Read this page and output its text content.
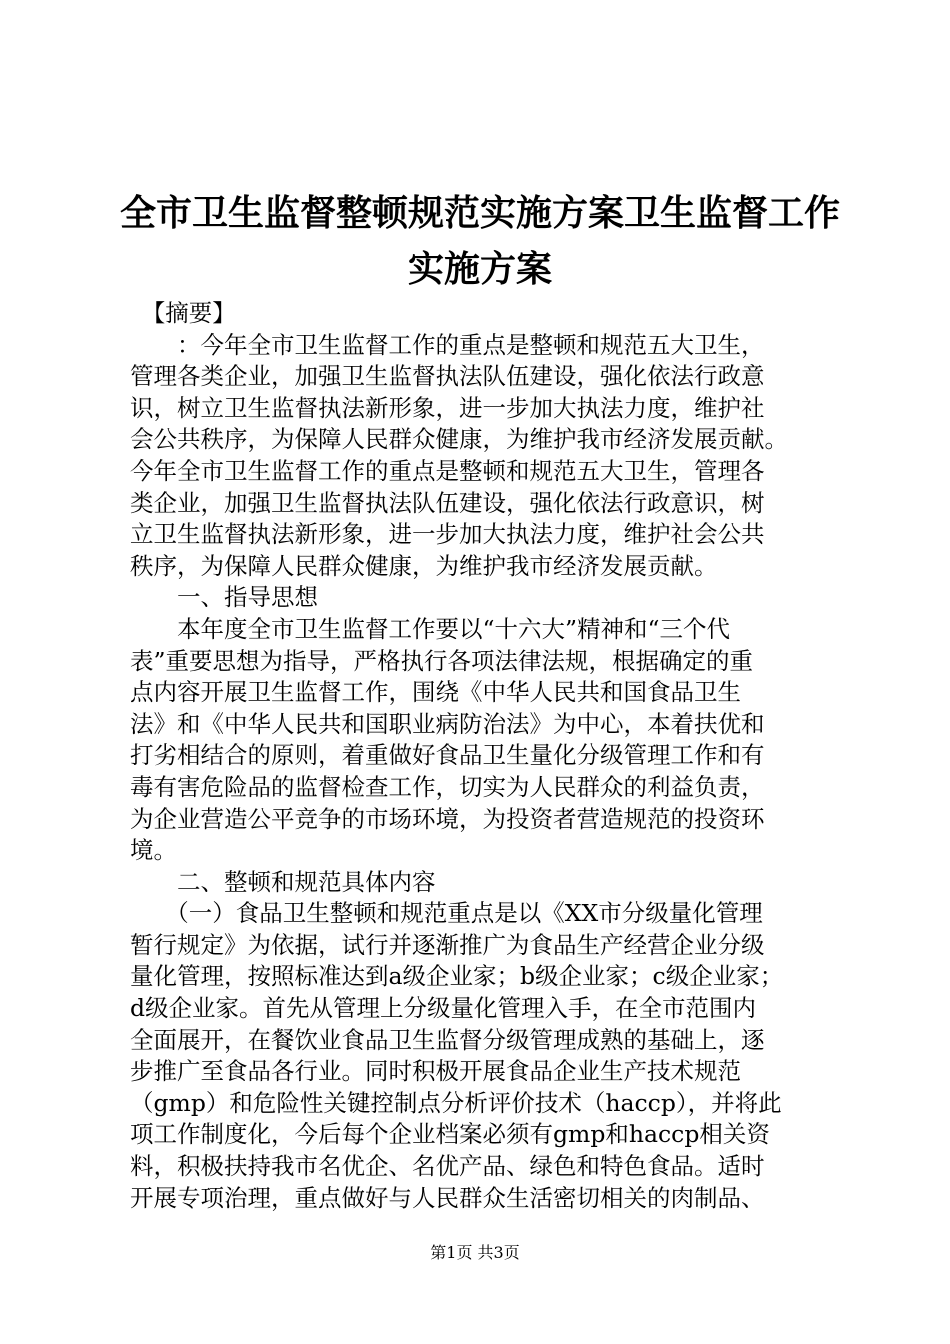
全市卫生监督整顿规范实施方案卫生监督工作
实施方案
　【摘要】
　　：今年全市卫生监督工作的重点是整顿和规范五大卫生，
管理各类企业，加强卫生监督执法队伍建设，强化依法行政意
识，树立卫生监督执法新形象，进一步加大执法力度，维护社
会公共秩序，为保障人民群众健康，为维护我市经济发展贡献。
今年全市卫生监督工作的重点是整顿和规范五大卫生，管理各
类企业，加强卫生监督执法队伍建设，强化依法行政意识，树
立卫生监督执法新形象，进一步加大执法力度，维护社会公共
秩序，为保障人民群众健康，为维护我市经济发展贡献。
　　一、指导思想
　　本年度全市卫生监督工作要以“十六大”精神和“三个代
表”重要思想为指导，严格执行各项法律法规，根据确定的重
点内容开展卫生监督工作，围绕《中华人民共和国食品卫生
法》和《中华人民共和国职业病防治法》为中心，本着扶优和
打劣相结合的原则，着重做好食品卫生量化分级管理工作和有
毒有害危险品的监督检查工作，切实为人民群众的利益负责，
为企业营造公平竞争的市场环境，为投资者营造规范的投资环
境。
　　二、整顿和规范具体内容
　　（一）食品卫生整顿和规范重点是以《XX市分级量化管理
暂行规定》为依据，试行并逐渐推广为食品生产经营企业分级
量化管理，按照标准达到a级企业家；b级企业家；c级企业家；
d级企业家。首先从管理上分级量化管理入手，在全市范围内
全面展开，在餐饮业食品卫生监督分级管理成熟的基础上，逐
步推广至食品各行业。同时积极开展食品企业生产技术规范
（gmp）和危险性关键控制点分析评价技术（haccp），并将此
项工作制度化，今后每个企业档案必须有gmp和haccp相关资
料，积极扶持我市名优企、名优产品、绿色和特色食品。适时
开展专项治理，重点做好与人民群众生活密切相关的肉制品、
第1页 共3页
